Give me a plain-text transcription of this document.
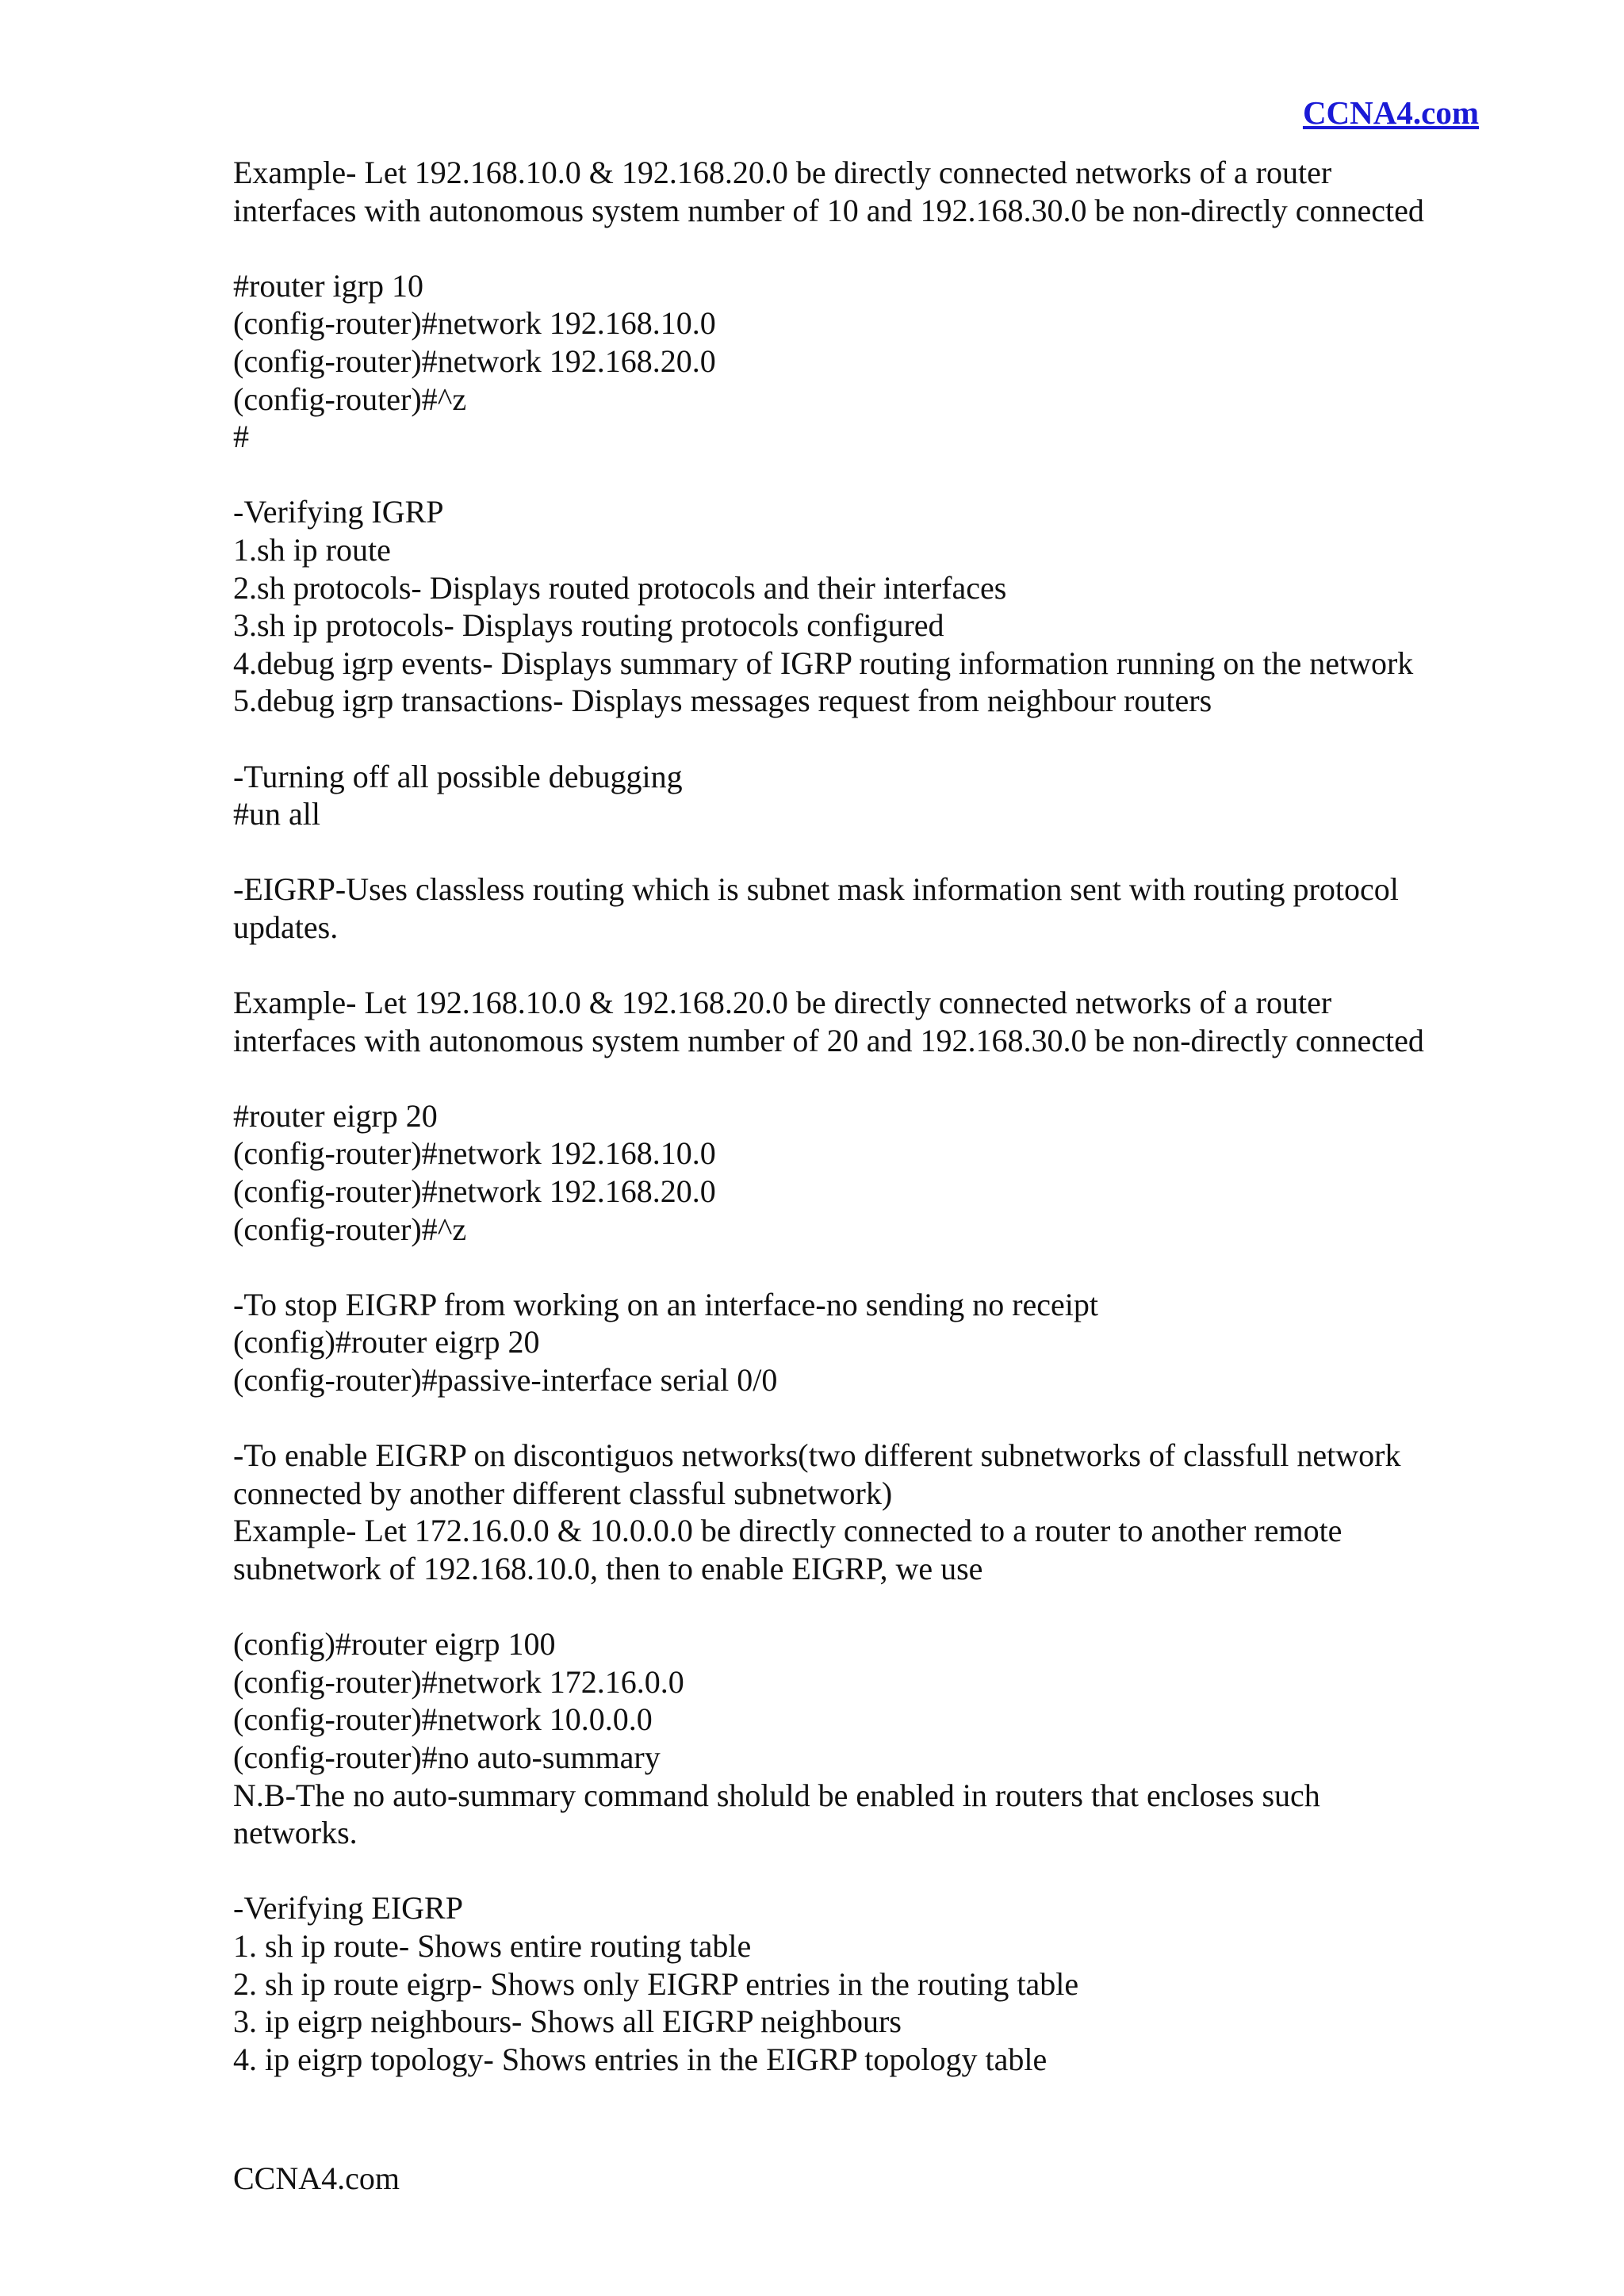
CCNA4.com
Example- Let 192.168.10.0 & 192.168.20.0 be directly connected networks of a router
interfaces with autonomous system number of 10 and 192.168.30.0 be non-directly connected
#router igrp 10
(config-router)#network 192.168.10.0
(config-router)#network 192.168.20.0
(config-router)#^z
#
-Verifying IGRP
1.sh ip route
2.sh protocols- Displays routed protocols and their interfaces
3.sh ip protocols- Displays routing protocols configured
4.debug igrp events- Displays summary of IGRP routing information running on the network
5.debug igrp transactions- Displays messages request from neighbour routers
-Turning off all possible debugging
#un all
-EIGRP-Uses classless routing which is subnet mask information sent with routing protocol
updates.
Example- Let 192.168.10.0 & 192.168.20.0 be directly connected networks of a router
interfaces with autonomous system number of 20 and 192.168.30.0 be non-directly connected
#router eigrp 20
(config-router)#network 192.168.10.0
(config-router)#network 192.168.20.0
(config-router)#^z
-To stop EIGRP from working on an interface-no sending no receipt
(config)#router eigrp 20
(config-router)#passive-interface serial 0/0
-To enable EIGRP on discontiguos networks(two different subnetworks of classfull network
connected by another different classful subnetwork)
Example- Let 172.16.0.0 & 10.0.0.0 be directly connected to a router to another remote
subnetwork of 192.168.10.0, then to enable EIGRP, we use
(config)#router eigrp 100
(config-router)#network 172.16.0.0
(config-router)#network 10.0.0.0
(config-router)#no auto-summary
N.B-The no auto-summary command sholuld be enabled in routers that encloses such
networks.
-Verifying EIGRP
1. sh ip route- Shows entire routing table
2. sh ip route eigrp- Shows only EIGRP entries in the routing table
3. ip eigrp neighbours- Shows all EIGRP neighbours
4. ip eigrp topology- Shows entries in the EIGRP topology table
CCNA4.com
